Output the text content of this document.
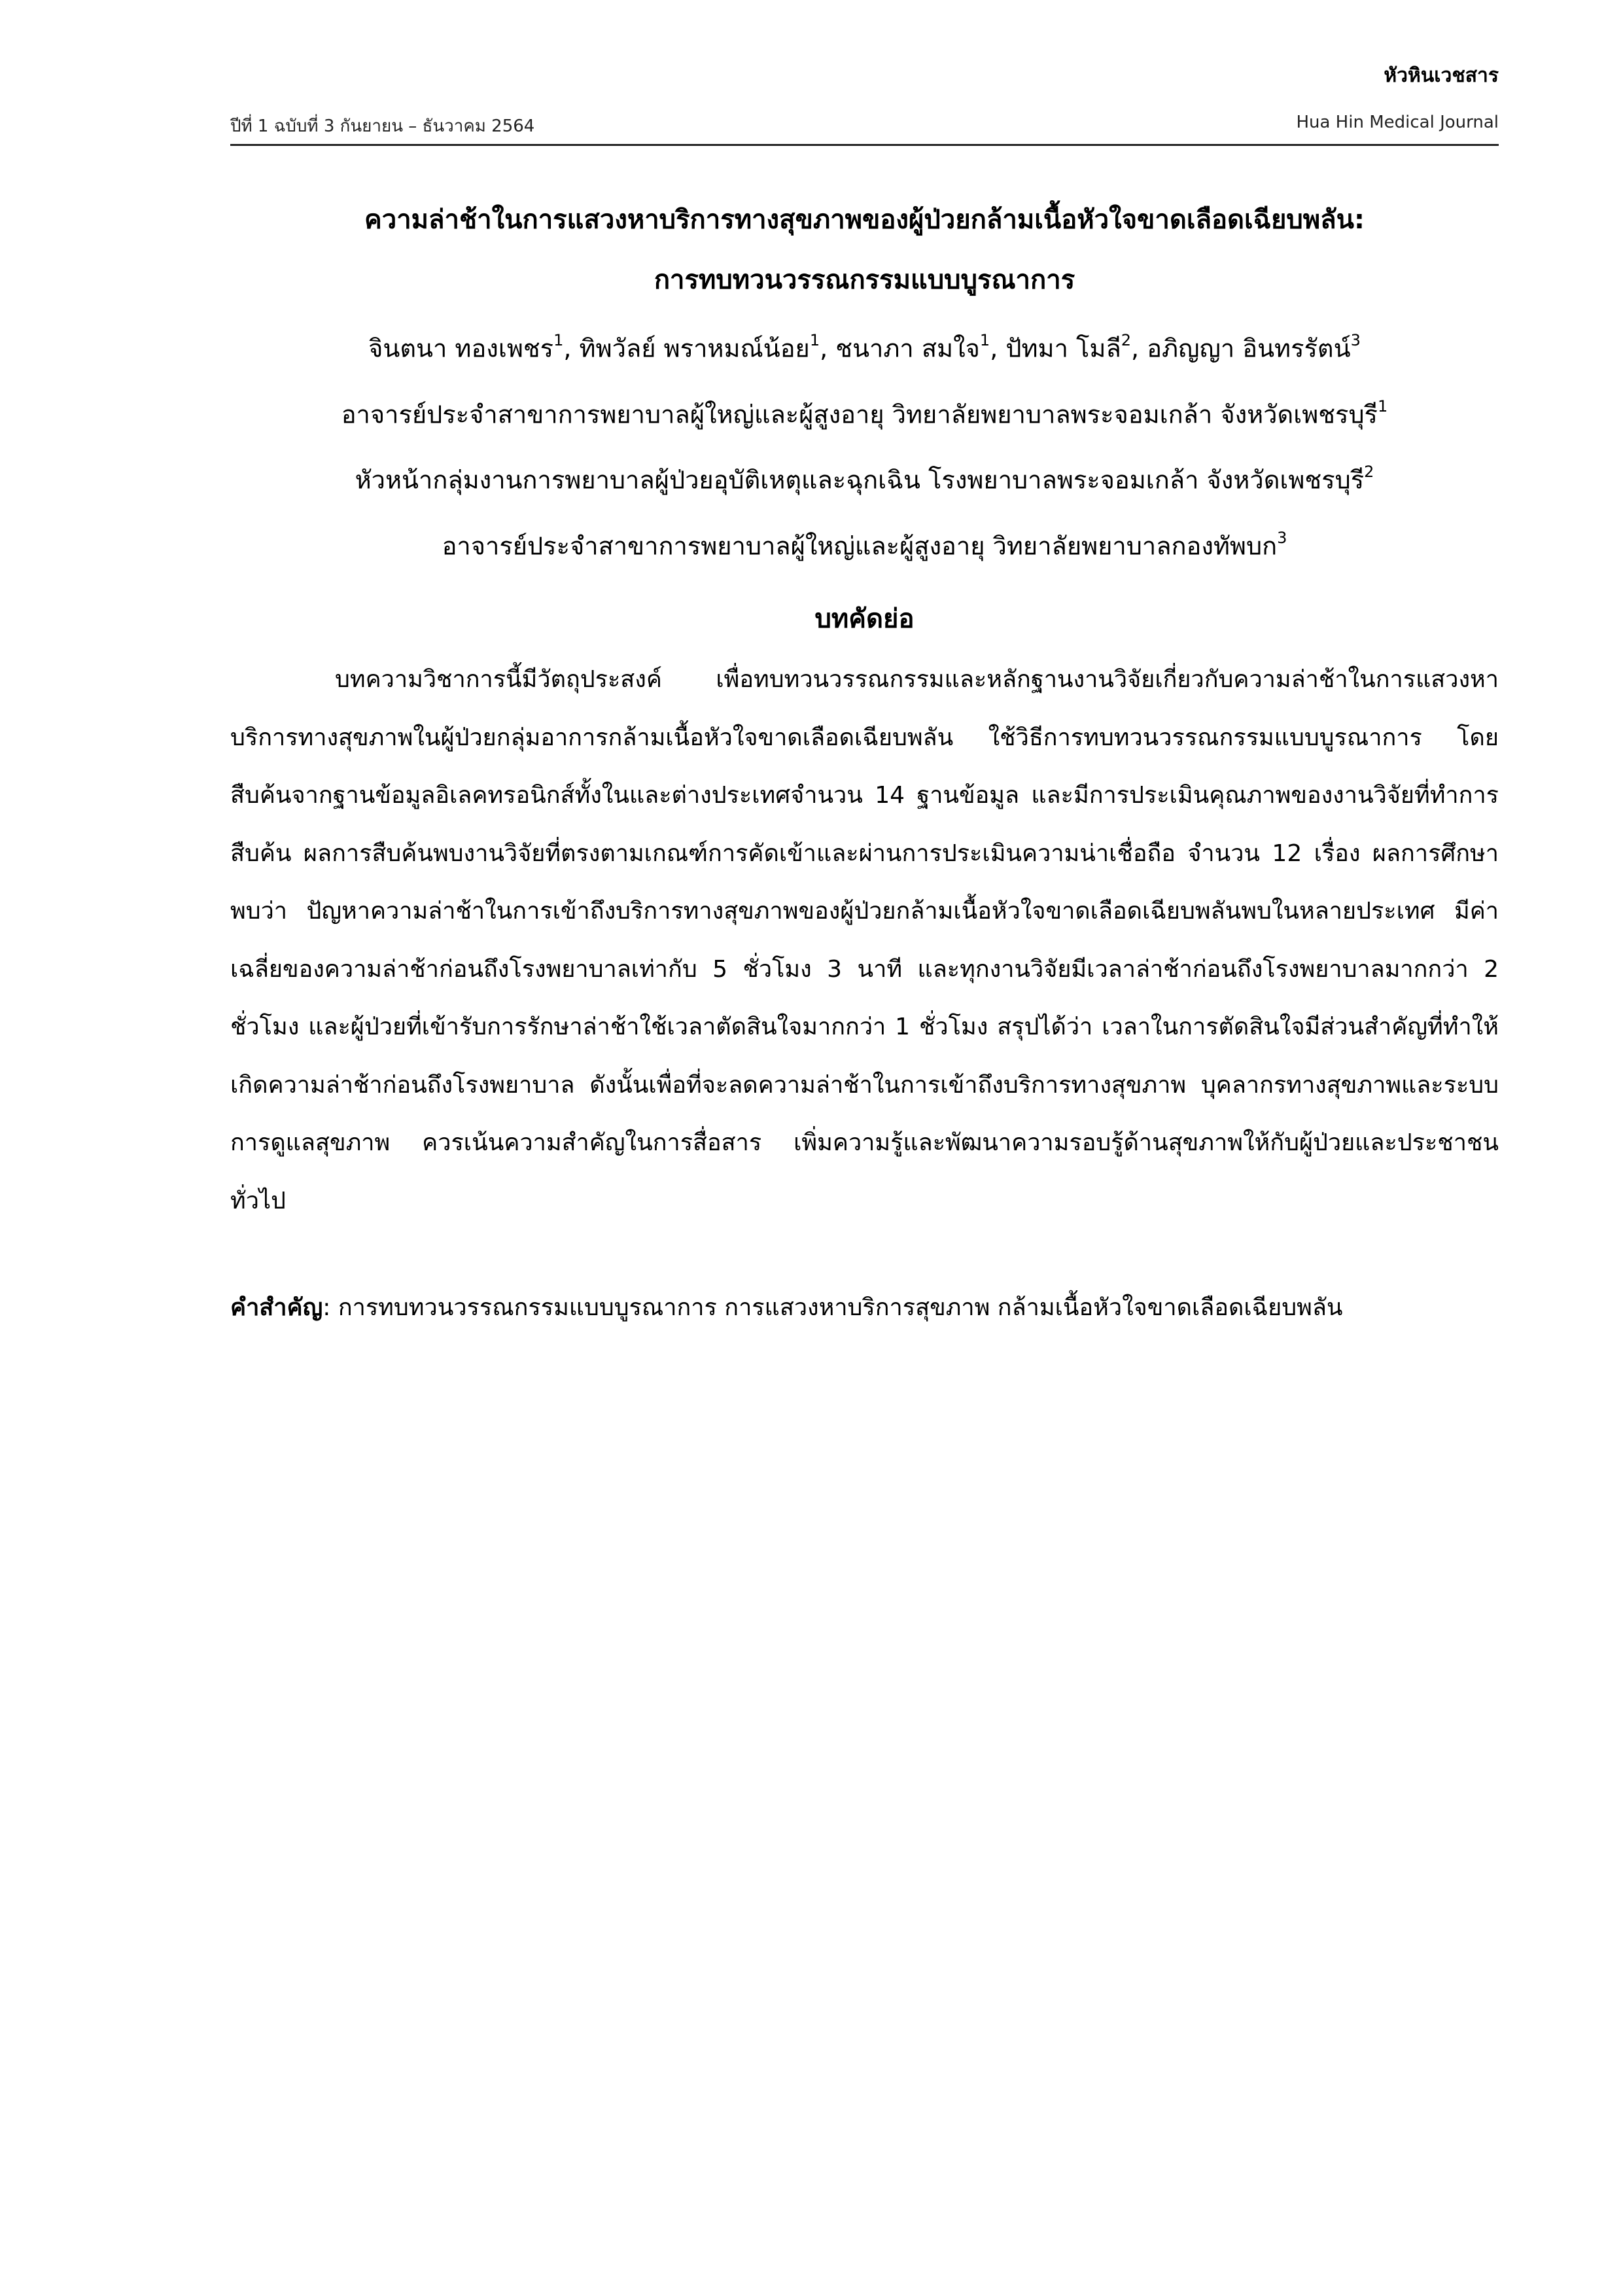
หัวหินเวชสาร
ปีที่ 1 ฉบับที่ 3 กันยายน – ธันวาคม 2564	Hua Hin Medical Journal
ความล่าช้าในการแสวงหาบริการทางสุขภาพของผู้ป่วยกล้ามเนื้อหัวใจขาดเลือดเฉียบพลัน:
การทบทวนวรรณกรรมแบบบูรณาการ
จินตนา ทองเพชร$^1$, ทิพวัลย์ พราหมณ์น้อย$^1$, ชนาภา สมใจ$^1$, ปัทมา โมลี$^2$, อภิญญา อินทรรัตน์$^3$
อาจารย์ประจำสาขาการพยาบาลผู้ใหญ่และผู้สูงอายุ วิทยาลัยพยาบาลพระจอมเกล้า จังหวัดเพชรบุรี$^1$
หัวหน้ากลุ่มงานการพยาบาลผู้ป่วยอุบัติเหตุและฉุกเฉิน โรงพยาบาลพระจอมเกล้า จังหวัดเพชรบุรี$^2$
อาจารย์ประจำสาขาการพยาบาลผู้ใหญ่และผู้สูงอายุ วิทยาลัยพยาบาลกองทัพบก$^3$
บทคัดย่อ

บทความวิชาการนี้มีวัตถุประสงค์ เพื่อทบทวนวรรณกรรมและหลักฐานงานวิจัยเกี่ยวกับความล่าช้าในการแสวงหาบริการทางสุขภาพในผู้ป่วยกลุ่มอาการกล้ามเนื้อหัวใจขาดเลือดเฉียบพลัน ใช้วิธีการทบทวนวรรณกรรมแบบบูรณาการ โดยสืบค้นจากฐานข้อมูลอิเลคทรอนิกส์ทั้งในและต่างประเทศจำนวน 14 ฐานข้อมูล และมีการประเมินคุณภาพของงานวิจัยที่ทำการสืบค้น ผลการสืบค้นพบงานวิจัยที่ตรงตามเกณฑ์การคัดเข้าและผ่านการประเมินความน่าเชื่อถือ จำนวน 12 เรื่อง ผลการศึกษาพบว่า ปัญหาความล่าช้าในการเข้าถึงบริการทางสุขภาพของผู้ป่วยกล้ามเนื้อหัวใจขาดเลือดเฉียบพลันพบในหลายประเทศ มีค่าเฉลี่ยของความล่าช้าก่อนถึงโรงพยาบาลเท่ากับ 5 ชั่วโมง 3 นาที และทุกงานวิจัยมีเวลาล่าช้าก่อนถึงโรงพยาบาลมากกว่า 2 ชั่วโมง และผู้ป่วยที่เข้ารับการรักษาล่าช้าใช้เวลาตัดสินใจมากกว่า 1 ชั่วโมง สรุปได้ว่า เวลาในการตัดสินใจมีส่วนสำคัญที่ทำให้เกิดความล่าช้าก่อนถึงโรงพยาบาล ดังนั้นเพื่อที่จะลดความล่าช้าในการเข้าถึงบริการทางสุขภาพ บุคลากรทางสุขภาพและระบบการดูแลสุขภาพ ควรเน้นความสำคัญในการสื่อสาร เพิ่มความรู้และพัฒนาความรอบรู้ด้านสุขภาพให้กับผู้ป่วยและประชาชนทั่วไป

คำสำคัญ: การทบทวนวรรณกรรมแบบบูรณาการ การแสวงหาบริการสุขภาพ กล้ามเนื้อหัวใจขาดเลือดเฉียบพลัน
